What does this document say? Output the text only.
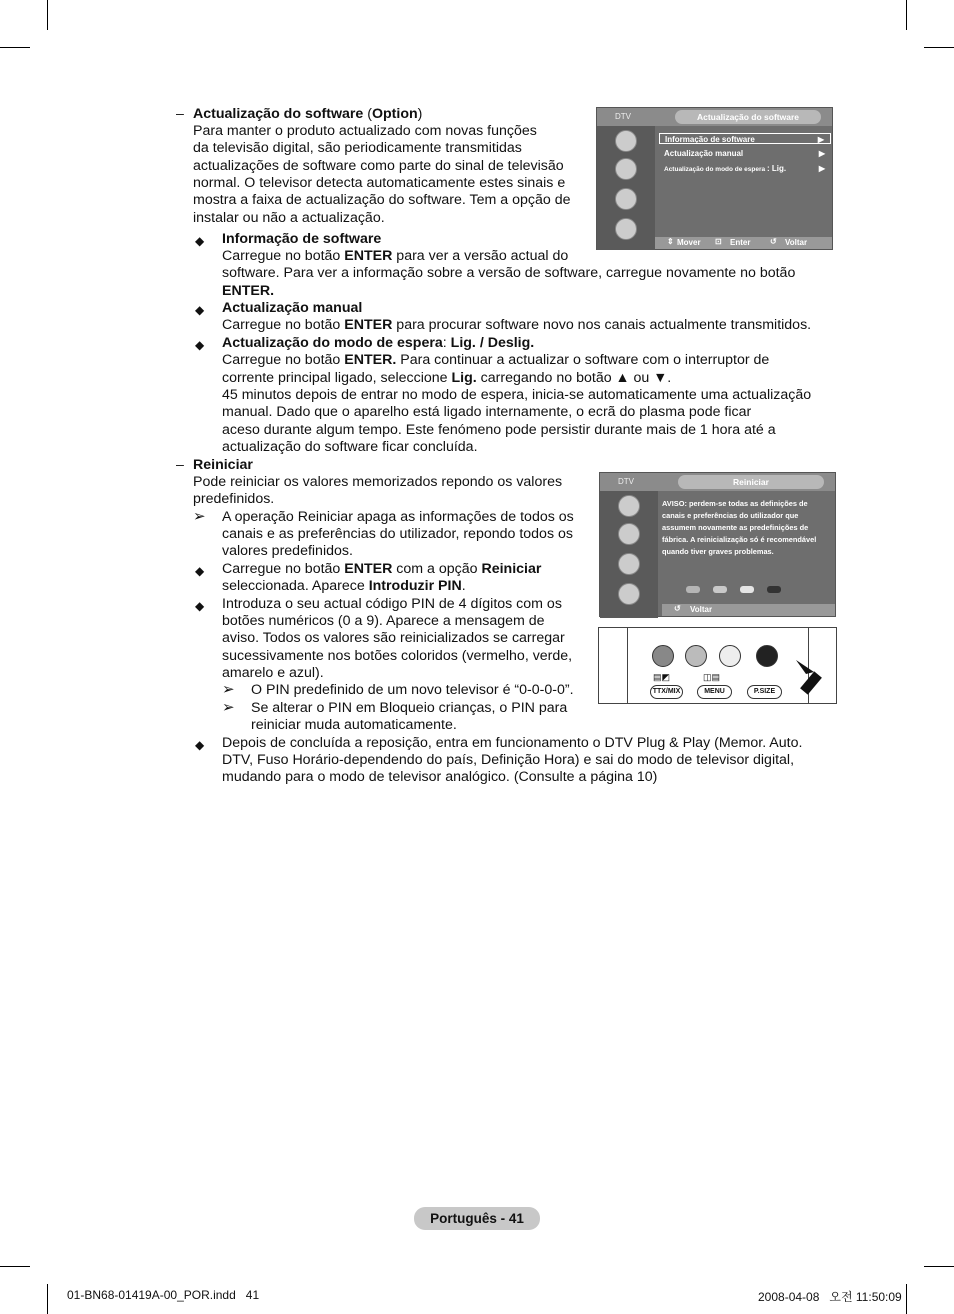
– Actualização do software (Option)
Para manter o produto actualizado com novas funções
da televisão digital, são periodicamente transmitidas
actualizações de software como parte do sinal de televisão
normal. O televisor detecta automaticamente estes sinais e
mostra a faixa de actualização do software. Tem a opção de
instalar ou não a actualização.
◆ Informação de software
Carregue no botão ENTER para ver a versão actual do
software. Para ver a informação sobre a versão de software, carregue novamente no botão
ENTER.
◆ Actualização manual
Carregue no botão ENTER para procurar software novo nos canais actualmente transmitidos.
◆ Actualização do modo de espera: Lig. / Deslig.
Carregue no botão ENTER. Para continuar a actualizar o software com o interruptor de
corrente principal ligado, seleccione Lig. carregando no botão ▲ ou ▼.
45 minutos depois de entrar no modo de espera, inicia-se automaticamente uma actualização
manual. Dado que o aparelho está ligado internamente, o ecrã do plasma pode ficar
aceso durante algum tempo. Este fenómeno pode persistir durante mais de 1 hora até a
actualização do software ficar concluída.
– Reiniciar
Pode reiniciar os valores memorizados repondo os valores
predefinidos.
➢ A operação Reiniciar apaga as informações de todos os
canais e as preferências do utilizador, repondo todos os
valores predefinidos.
◆ Carregue no botão ENTER com a opção Reiniciar
seleccionada. Aparece Introduzir PIN.
◆ Introduza o seu actual código PIN de 4 dígitos com os
botões numéricos (0 a 9). Aparece a mensagem de
aviso. Todos os valores são reinicializados se carregar
sucessivamente nos botões coloridos (vermelho, verde,
amarelo e azul).
➢ O PIN predefinido de um novo televisor é “0-0-0-0”.
➢ Se alterar o PIN em Bloqueio crianças, o PIN para
reiniciar muda automaticamente.
◆ Depois de concluída a reposição, entra em funcionamento o DTV Plug & Play (Memor. Auto.
DTV, Fuso Horário-dependendo do país, Definição Hora) e sai do modo de televisor digital,
mudando para o modo de televisor analógico. (Consulte a página 10)
DTV	Actualização do software
Informação de software	▶
Actualização manual	▶
Actualização do modo de espera : Lig.	▶
⇕ Mover ⊡ Enter ↺ Voltar
DTV	Reiniciar
AVISO: perdem-se todas as definições de
canais e preferências do utilizador que
assumem novamente as predefinições de
fábrica. A reinicialização só é recomendável
quando tiver graves problemas.
↺ Voltar
▤◩	◫▤
TTX/MIX	MENU	P.SIZE
Português - 41
01-BN68-01419A-00_POR.indd   41	2008-04-08   오전 11:50:09
